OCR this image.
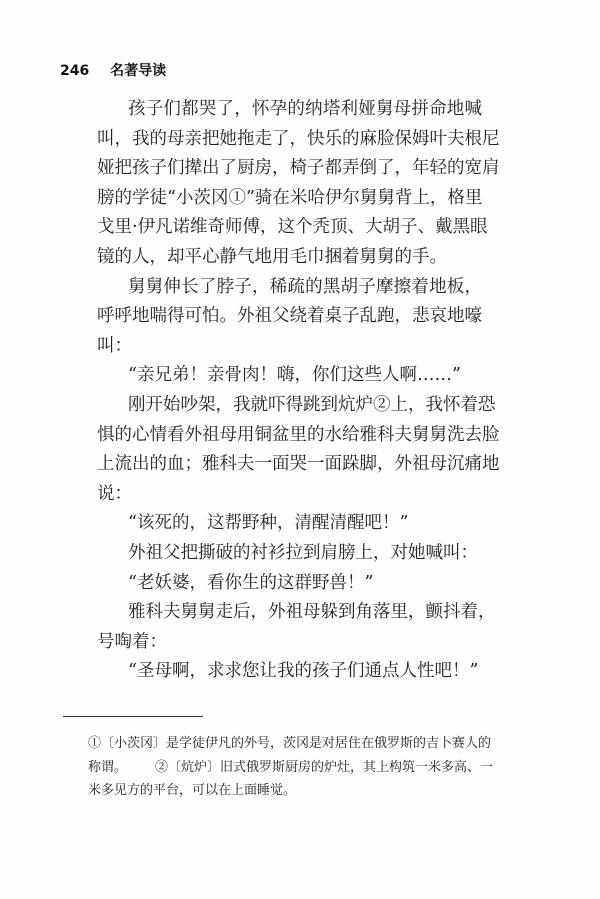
246 名著导读
孩子们都哭了，怀孕的纳塔利娅舅母拼命地喊
叫，我的母亲把她拖走了，快乐的麻脸保姆叶夫根尼
娅把孩子们撵出了厨房，椅子都弄倒了，年轻的宽肩
膀的学徒“小茨冈①”骑在米哈伊尔舅舅背上，格里
戈里·伊凡诺维奇师傅，这个秃顶、大胡子、戴黑眼
镜的人，却平心静气地用毛巾捆着舅舅的手。
舅舅伸长了脖子，稀疏的黑胡子摩擦着地板，
呼呼地喘得可怕。外祖父绕着桌子乱跑，悲哀地嚎
叫：
“亲兄弟！亲骨肉！嗨，你们这些人啊……”
刚开始吵架，我就吓得跳到炕炉②上，我怀着恐
惧的心情看外祖母用铜盆里的水给雅科夫舅舅洗去脸
上流出的血；雅科夫一面哭一面跺脚，外祖母沉痛地
说：
“该死的，这帮野种，清醒清醒吧！”
外祖父把撕破的衬衫拉到肩膀上，对她喊叫：
“老妖婆，看你生的这群野兽！”
雅科夫舅舅走后，外祖母躲到角落里，颤抖着，
号啕着：
“圣母啊，求求您让我的孩子们通点人性吧！”
①〔小茨冈〕是学徒伊凡的外号，茨冈是对居住在俄罗斯的吉卜赛人的
称谓。 ②〔炕炉〕旧式俄罗斯厨房的炉灶，其上构筑一米多高、一
米多见方的平台，可以在上面睡觉。
